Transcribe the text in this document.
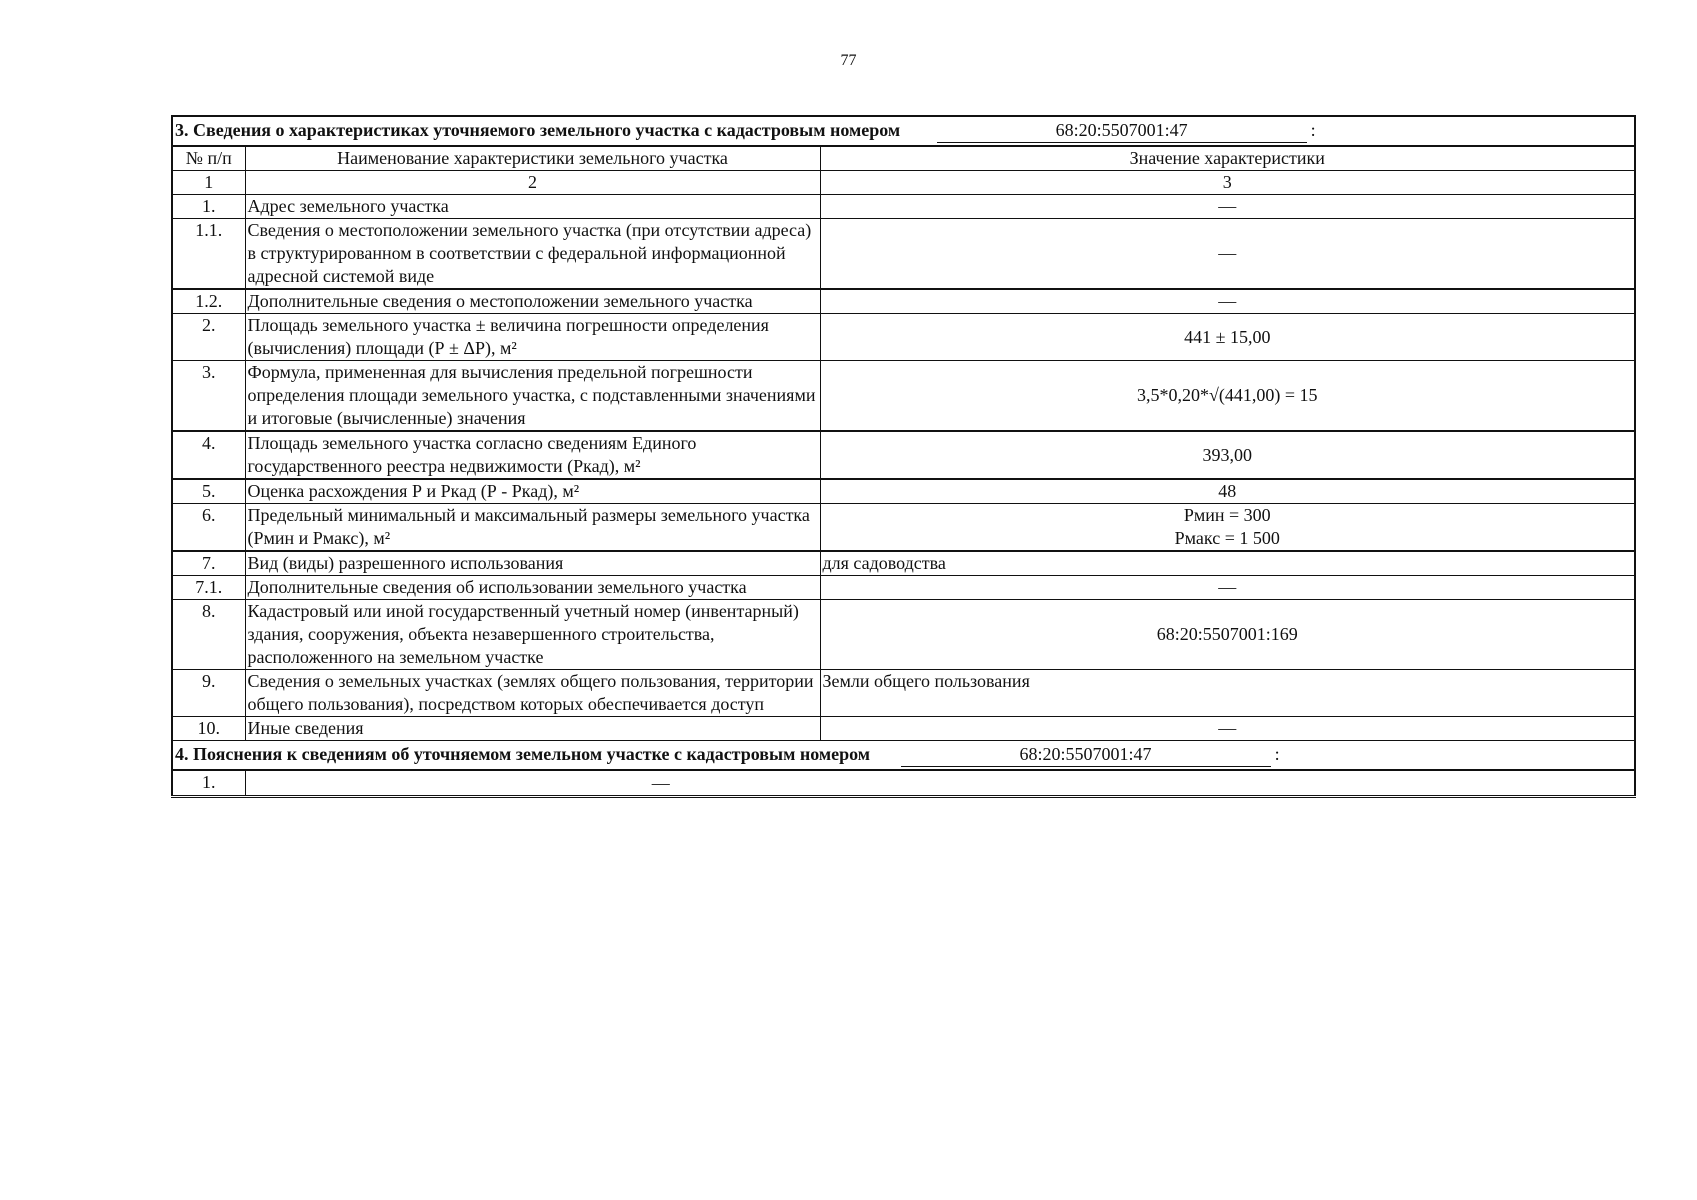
77
3. Сведения о характеристиках уточняемого земельного участка с кадастровым номером 68:20:5507001:47 :		
№ п/п	Наименование характеристики земельного участка	Значение характеристики
1	2	3
1.	Адрес земельного участка	—
1.1.	Сведения о местоположении земельного участка (при отсутствии адреса) в структурированном в соответствии с федеральной информационной адресной системой виде	—
1.2.	Дополнительные сведения о местоположении земельного участка	—
2.	Площадь земельного участка ± величина погрешности определения (вычисления) площади (Р ± ΔР), м²	441 ± 15,00
3.	Формула, примененная для вычисления предельной погрешности определения площади земельного участка, с подставленными значениями и итоговые (вычисленные) значения	3,5*0,20*√(441,00) = 15
4.	Площадь земельного участка согласно сведениям Единого государственного реестра недвижимости (Ркад), м²	393,00
5.	Оценка расхождения Р и Ркад (Р - Ркад), м²	48
6.	Предельный минимальный и максимальный размеры земельного участка (Рмин и Рмакс), м²	Рмин = 300
Рмакс = 1 500

7.	Вид (виды) разрешенного использования	для садоводства
7.1.	Дополнительные сведения об использовании земельного участка	—
8.	Кадастровый или иной государственный учетный номер (инвентарный) здания, сооружения, объекта незавершенного строительства, расположенного на земельном участке	68:20:5507001:169
9.	Сведения о земельных участках (землях общего пользования, территории общего пользования), посредством которых обеспечивается доступ	Земли общего пользования
10.	Иные сведения	—
4. Пояснения к сведениям об уточняемом земельном участке с кадастровым номером 68:20:5507001:47 :		
1.	—	
